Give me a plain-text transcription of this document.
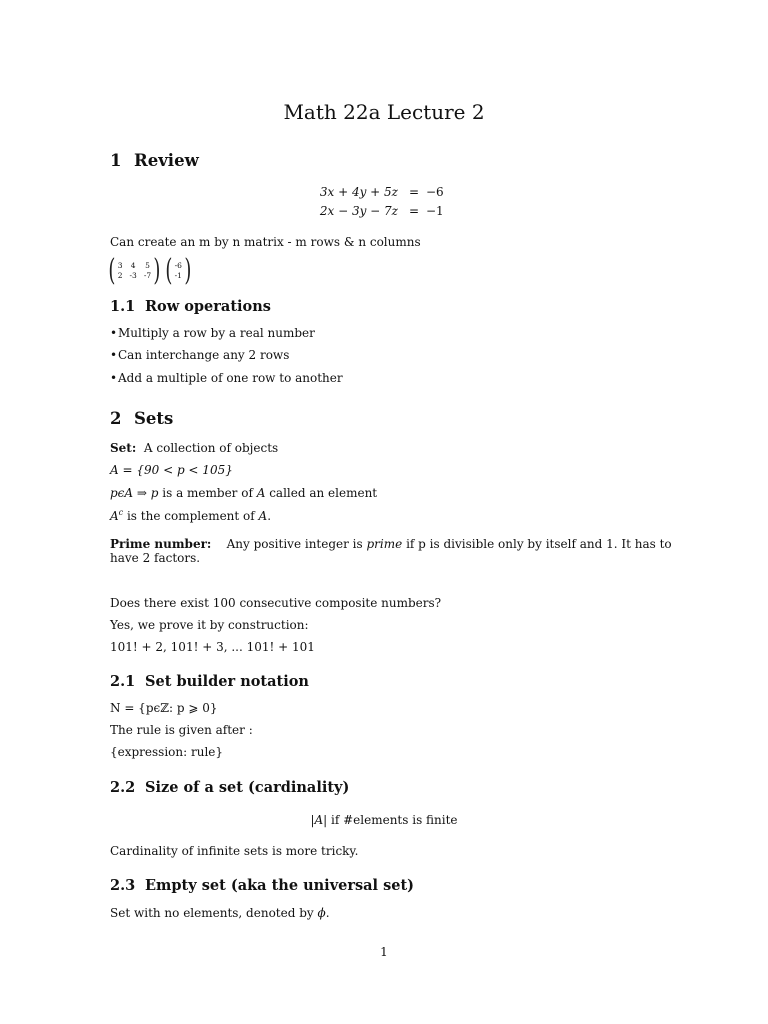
Math 22a Lecture 2
1 Review
3x + 4y + 5z = −6
2x − 3y − 7z = −1
Can create an m by n matrix - m rows & n columns
( 3 4 5
2 -3 -7 ) ( -6
-1 )
1.1 Row operations
•Multiply a row by a real number
•Can interchange any 2 rows
•Add a multiple of one row to another
2 Sets
Set: A collection of objects
A = {90 < p < 105}
pϵA ⇒ p is a member of A called an element
$A^c$ is the complement of A.
Prime number: Any positive integer is prime if p is divisible only by itself and 1. It has to
have 2 factors.
Does there exist 100 consecutive composite numbers?
Yes, we prove it by construction:
101! + 2, 101! + 3, ... 101! + 101
2.1 Set builder notation
N = {pϵℤ: p ⩾ 0}
The rule is given after :
{expression: rule}
2.2 Size of a set (cardinality)
|A| if #elements is finite
Cardinality of infinite sets is more tricky.
2.3 Empty set (aka the universal set)
Set with no elements, denoted by ϕ.
1
